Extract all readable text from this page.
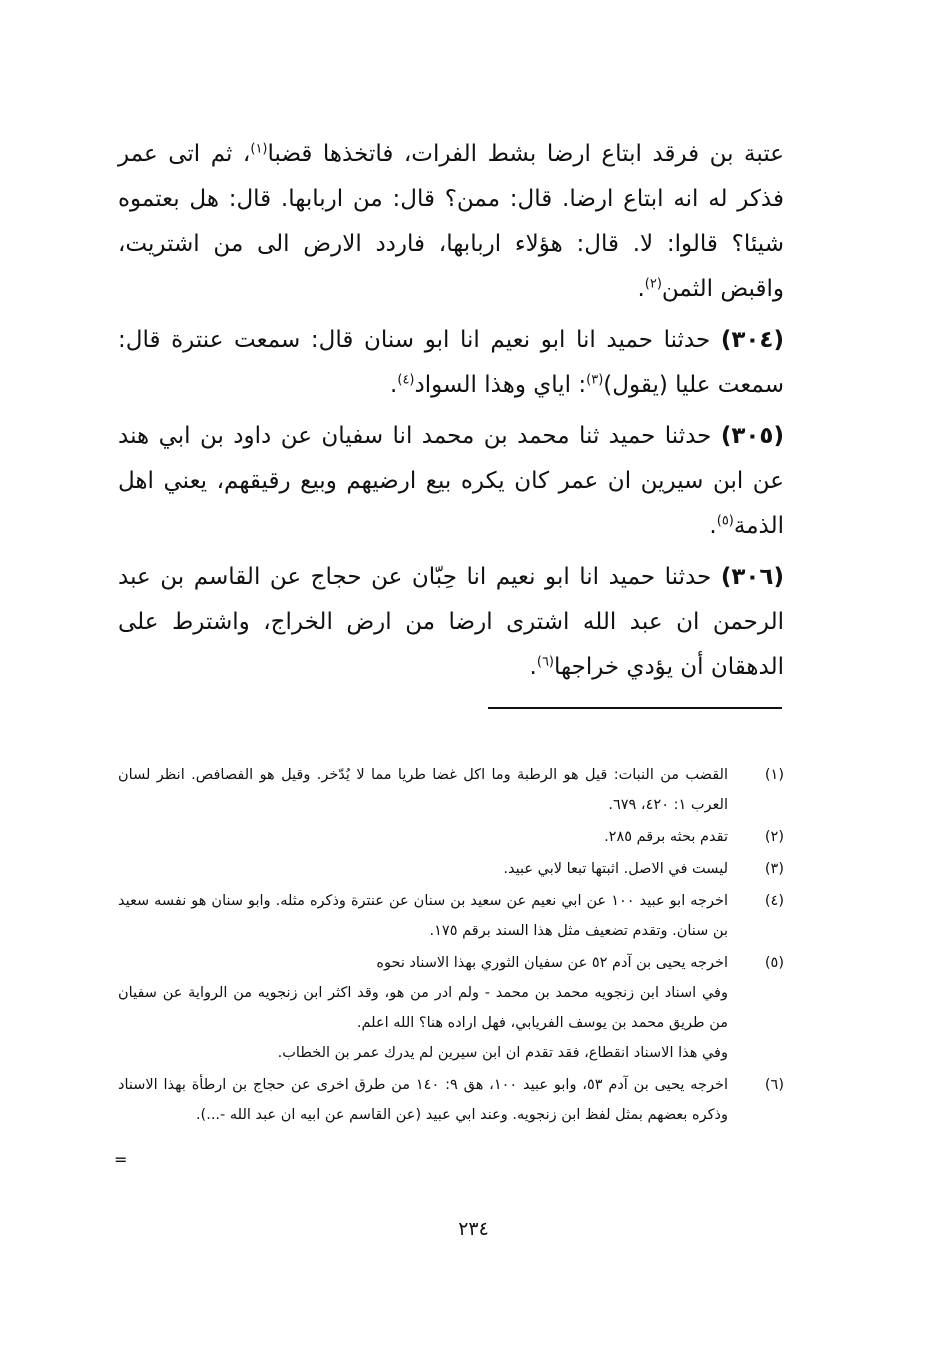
عتبة بن فرقد ابتاع ارضا بشط الفرات، فاتخذها قضبا$^{(١)}$، ثم اتى عمر فذكر له انه ابتاع ارضا. قال: ممن؟ قال: من اربابها. قال: هل بعتموه شيئا؟ قالوا: لا. قال: هؤلاء اربابها، فاردد الارض الى من اشتريت، واقبض الثمن$^{(٢)}$.

(٣٠٤) حدثنا حميد انا ابو نعيم انا ابو سنان قال: سمعت عنترة قال: سمعت عليا (يقول)$^{(٣)}$: اياي وهذا السواد$^{(٤)}$.

(٣٠٥) حدثنا حميد ثنا محمد بن محمد انا سفيان عن داود بن ابي هند عن ابن سيرين ان عمر كان يكره بيع ارضيهم وبيع رقيقهم، يعني اهل الذمة$^{(٥)}$.

(٣٠٦) حدثنا حميد انا ابو نعيم انا حِبّان عن حجاج عن القاسم بن عبد الرحمن ان عبد الله اشترى ارضا من ارض الخراج، واشترط على الدهقان أن يؤدي خراجها$^{(٦)}$.

(١)
القضب من النبات: قيل هو الرطبة وما اكل غضا طريا مما لا يُدّخر. وقيل هو الفصافص. انظر لسان العرب ١: ٤٢٠، ٦٧٩.
(٢)
تقدم بحثه برقم ٢٨٥.
(٣)
ليست في الاصل. اثبتها تبعا لابي عبيد.
(٤)
اخرجه ابو عبيد ١٠٠ عن ابي نعيم عن سعيد بن سنان عن عنترة وذكره مثله. وابو سنان هو نفسه سعيد بن سنان. وتقدم تضعيف مثل هذا السند برقم ١٧٥.
(٥)
اخرجه يحيى بن آدم ٥٢ عن سفيان الثوري بهذا الاسناد نحوه
وفي اسناد ابن زنجويه محمد بن محمد - ولم ادر من هو، وقد اكثر ابن زنجويه من الرواية عن سفيان من طريق محمد بن يوسف الفريابي، فهل اراده هنا؟ الله اعلم.
وفي هذا الاسناد انقطاع، فقد تقدم ان ابن سيرين لم يدرك عمر بن الخطاب.
(٦)
اخرجه يحيى بن آدم ٥٣، وابو عبيد ١٠٠، هق ٩: ١٤٠ من طرق اخرى عن حجاج بن ارطأة بهذا الاسناد وذكره بعضهم بمثل لفظ ابن زنجويه. وعند ابي عبيد (عن القاسم عن ابيه ان عبد الله -...).
=
٢٣٤
